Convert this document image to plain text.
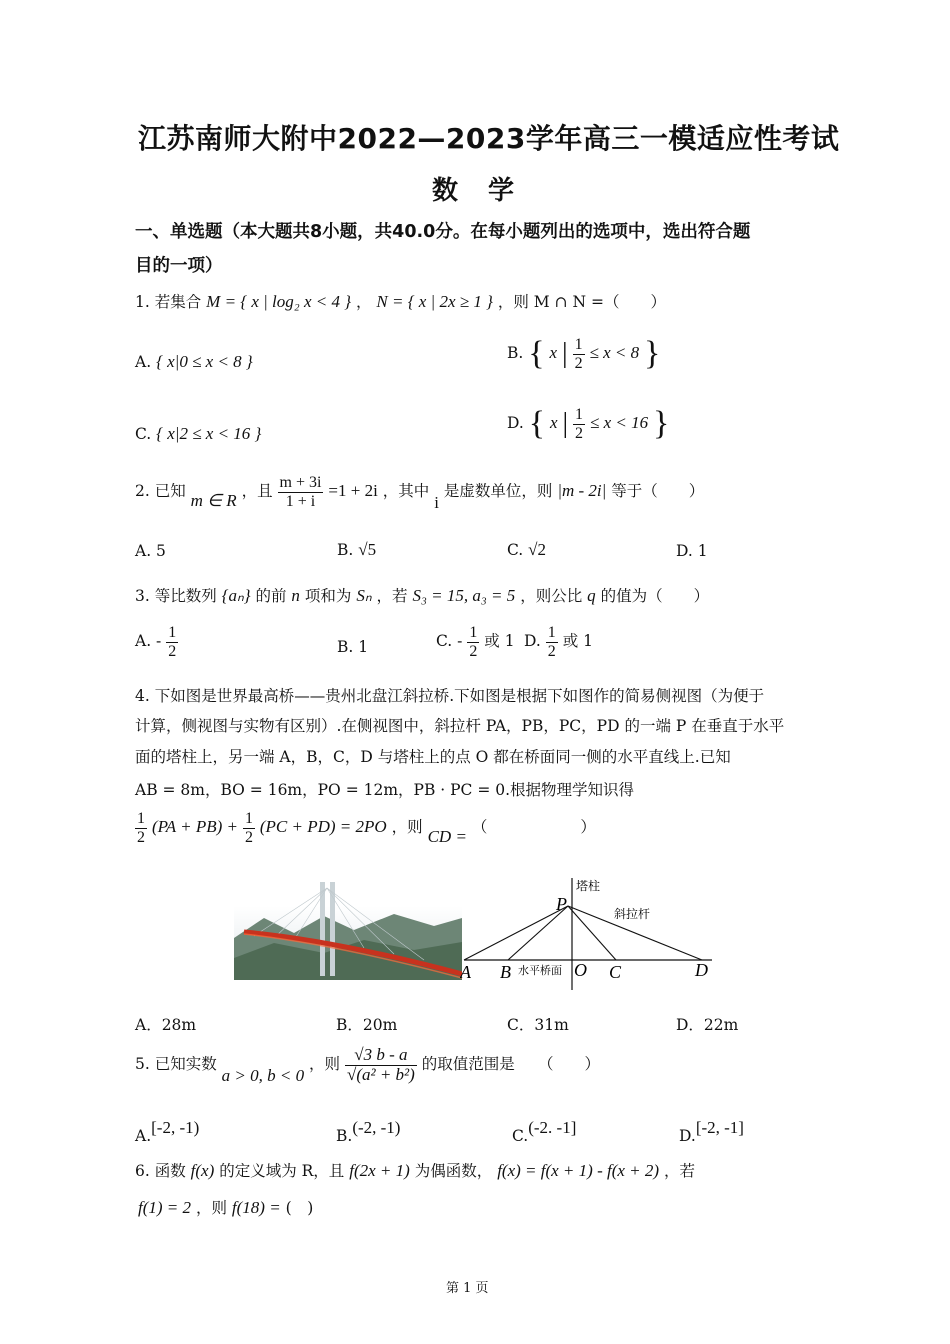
江苏南师大附中2022—2023学年高三一模适应性考试
数学
一、单选题（本大题共8小题，共40.0分。在每小题列出的选项中，选出符合题
目的一项）
1. 若集合 M = { x | log₂ x < 4 } ， N = { x | 2x ≥ 1 } ，则 M ∩ N =（　　）
A. { x|0 ≤ x < 8 }	B. { x | $\frac{1}{2} \le x < 8$ }
C. { x|2 ≤ x < 16 }
D. { x | $\frac{1}{2} \le x < 16$ }
2. 已知 m ∈ R ，且 $\frac{m + 3i}{1 + i} =1 + 2i$ ，其中 i 是虚数单位，则 |m - 2i| 等于（　　）
A. 5	B. √5	C. √2	D. 1
3. 等比数列 {aₙ} 的前 n 项和为 Sₙ ，若 S₃ = 15, a₃ = 5 ，则公比 q 的值为（　　）
A. - $\frac{1}{2}$	B. 1	C. - $\frac{1}{2}$ 或 1 D. $\frac{1}{2}$ 或 1
4. 下如图是世界最高桥——贵州北盘江斜拉桥.下如图是根据下如图作的简易侧视图（为便于
计算，侧视图与实物有区别）.在侧视图中，斜拉杆 PA，PB，PC，PD 的一端 P 在垂直于水平
面的塔柱上，另一端 A，B，C，D 与塔柱上的点 O 都在桥面同一侧的水平直线上.已知
AB = 8m，BO = 16m，PO = 12m，PB · PC = 0.根据物理学知识得
$\frac{1}{2} (PA + PB) + \frac{1}{2} (PC + PD) = 2PO$ ，则 CD = （　　　　　　）
塔柱
斜拉杆
水平桥面
P
A B	O C	D
A．28m	B．20m	C．31m	D．22m
5. 已知实数 a > 0, b < 0 ，则 $\frac{√3 b - a}{\text{√(a² + b²)}}$ 的取值范围是　　（　　）
A.[-2, -1)	B.(-2, -1)	C.(-2. -1]	D.[-2, -1]
6. 函数 f(x) 的定义域为 R，且 f(2x + 1) 为偶函数， f(x) = f(x + 1) - f(x + 2) ，若
f(1) = 2 ，则 f(18) = (　)
第 1 页
